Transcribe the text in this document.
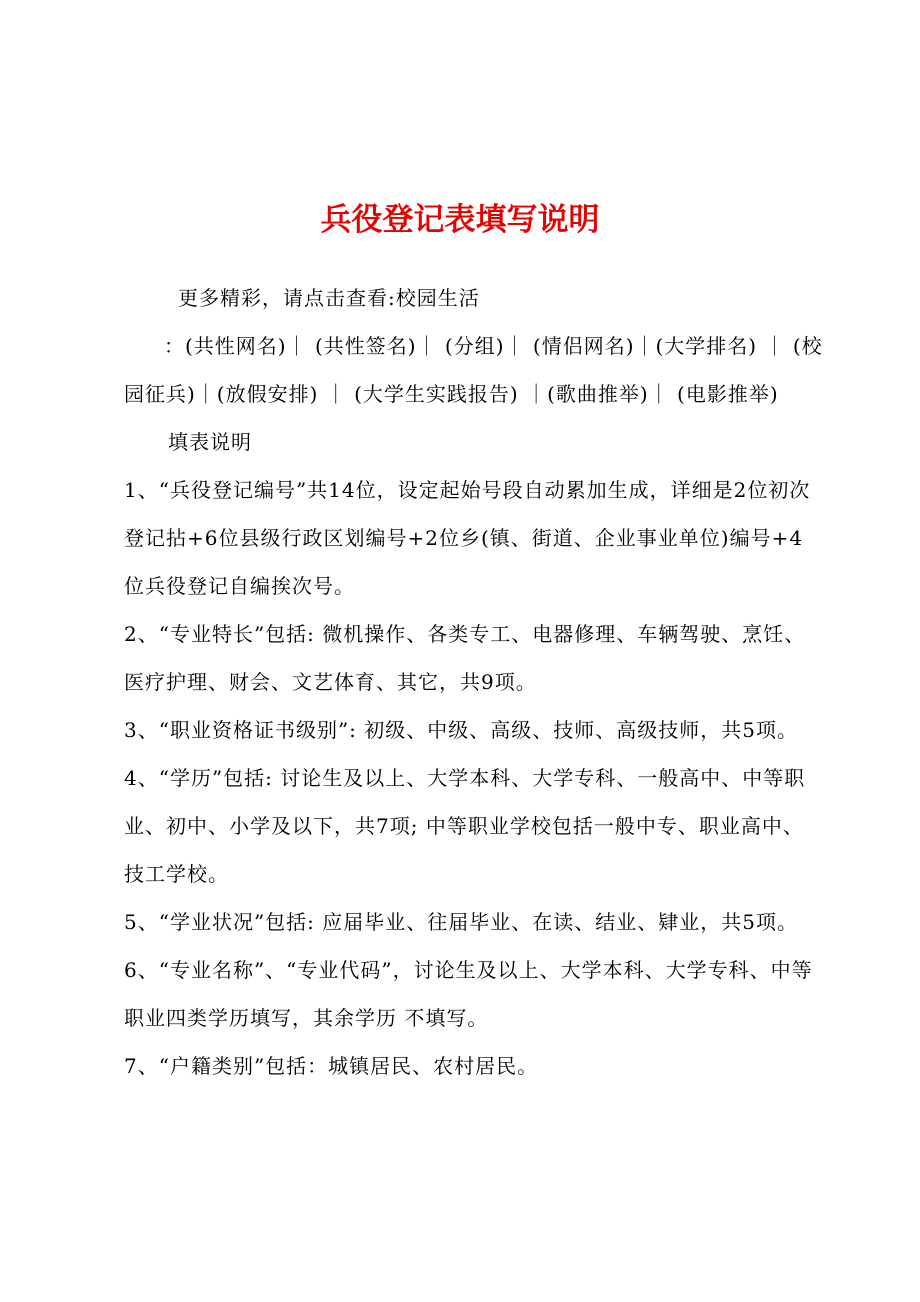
兵役登记表填写说明

更多精彩，请点击查看:校园生活

：(共性网名)｜ (共性签名)｜ (分组)｜ (情侣网名)｜(大学排名) ｜ (校园征兵)｜(放假安排) ｜ (大学生实践报告) ｜(歌曲推举)｜ (电影推举)

填表说明

1、“兵役登记编号”共14位，设定起始号段自动累加生成，详细是2位初次登记拈+6位县级行政区划编号+2位乡(镇、街道、企业事业单位)编号+4位兵役登记自编挨次号。

2、“专业特长”包括: 微机操作、各类专工、电器修理、车辆驾驶、烹饪、医疗护理、财会、文艺体育、其它，共9项。

3、“职业资格证书级别”: 初级、中级、高级、技师、高级技师，共5项。

4、“学历”包括: 讨论生及以上、大学本科、大学专科、一般高中、中等职业、初中、小学及以下，共7项; 中等职业学校包括一般中专、职业高中、技工学校。

5、“学业状况”包括: 应届毕业、往届毕业、在读、结业、肄业，共5项。

6、“专业名称”、“专业代码”，讨论生及以上、大学本科、大学专科、中等职业四类学历填写，其余学历 不填写。

7、“户籍类别”包括：城镇居民、农村居民。
